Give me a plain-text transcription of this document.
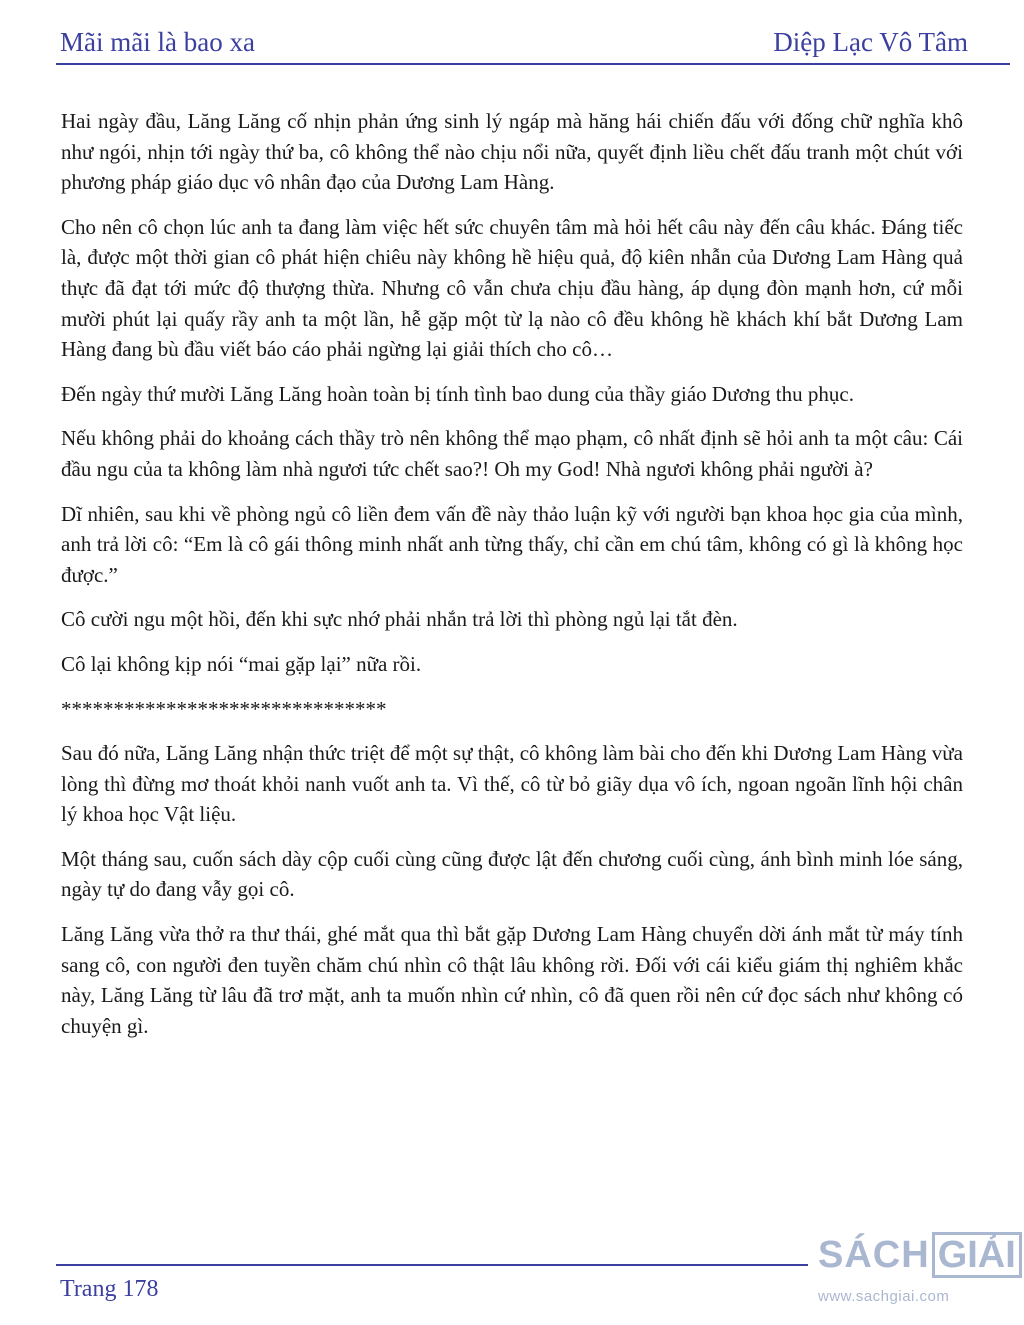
Mãi mãi là bao xa	Diệp Lạc Vô Tâm

Hai ngày đầu, Lăng Lăng cố nhịn phản ứng sinh lý ngáp mà hăng hái chiến đấu với đống chữ nghĩa khô như ngói, nhịn tới ngày thứ ba, cô không thể nào chịu nổi nữa, quyết định liều chết đấu tranh một chút với phương pháp giáo dục vô nhân đạo của Dương Lam Hàng.

Cho nên cô chọn lúc anh ta đang làm việc hết sức chuyên tâm mà hỏi hết câu này đến câu khác. Đáng tiếc là, được một thời gian cô phát hiện chiêu này không hề hiệu quả, độ kiên nhẫn của Dương Lam Hàng quả thực đã đạt tới mức độ thượng thừa. Nhưng cô vẫn chưa chịu đầu hàng, áp dụng đòn mạnh hơn, cứ mỗi mười phút lại quấy rầy anh ta một lần, hễ gặp một từ lạ nào cô đều không hề khách khí bắt Dương Lam Hàng đang bù đầu viết báo cáo phải ngừng lại giải thích cho cô…

Đến ngày thứ mười Lăng Lăng hoàn toàn bị tính tình bao dung của thầy giáo Dương thu phục.

Nếu không phải do khoảng cách thầy trò nên không thể mạo phạm, cô nhất định sẽ hỏi anh ta một câu: Cái đầu ngu của ta không làm nhà ngươi tức chết sao?! Oh my God! Nhà ngươi không phải người à?

Dĩ nhiên, sau khi về phòng ngủ cô liền đem vấn đề này thảo luận kỹ với người bạn khoa học gia của mình, anh trả lời cô: “Em là cô gái thông minh nhất anh từng thấy, chỉ cần em chú tâm, không có gì là không học được.”

Cô cười ngu một hồi, đến khi sực nhớ phải nhắn trả lời thì phòng ngủ lại tắt đèn.

Cô lại không kịp nói “mai gặp lại” nữa rồi.

*******************************

Sau đó nữa, Lăng Lăng nhận thức triệt để một sự thật, cô không làm bài cho đến khi Dương Lam Hàng vừa lòng thì đừng mơ thoát khỏi nanh vuốt anh ta. Vì thế, cô từ bỏ giãy dụa vô ích, ngoan ngoãn lĩnh hội chân lý khoa học Vật liệu.

Một tháng sau, cuốn sách dày cộp cuối cùng cũng được lật đến chương cuối cùng, ánh bình minh lóe sáng, ngày tự do đang vẫy gọi cô.

Lăng Lăng vừa thở ra thư thái, ghé mắt qua thì bắt gặp Dương Lam Hàng chuyển dời ánh mắt từ máy tính sang cô, con người đen tuyền chăm chú nhìn cô thật lâu không rời. Đối với cái kiểu giám thị nghiêm khắc này, Lăng Lăng từ lâu đã trơ mặt, anh ta muốn nhìn cứ nhìn, cô đã quen rồi nên cứ đọc sách như không có chuyện gì.

Trang 178
SÁCH GIẢI
www.sachgiai.com
